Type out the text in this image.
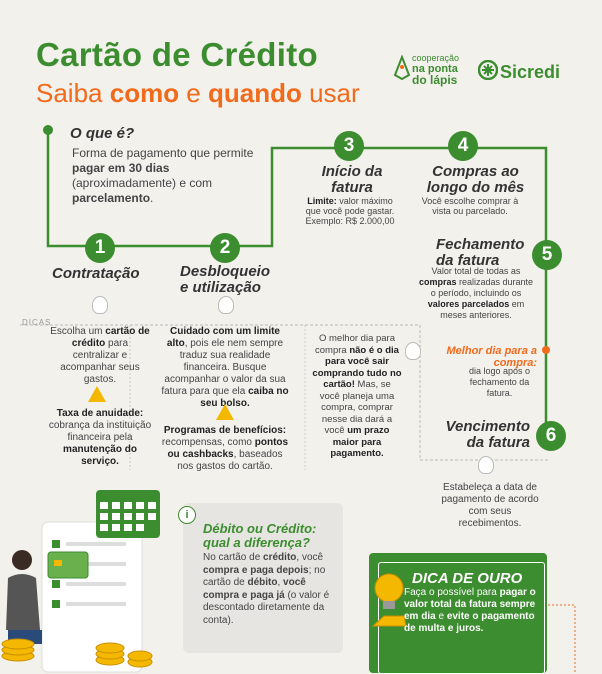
Cartão de Crédito
Saiba como e quando usar
cooperação
na ponta
do lápis	Sicredi
O que é?
Forma de pagamento que permite pagar em 30 dias (aproximadamente) e com parcelamento.
1
Contratação
2
Desbloqueio e utilização
3
Início da fatura
Limite: valor máximo que você pode gastar. Exemplo: R$ 2.000,00
4
Compras ao longo do mês
Você escolhe comprar à vista ou parcelado.
Fechamento da fatura	5
Valor total de todas as compras realizadas durante o período, incluindo os valores parcelados em meses anteriores.
Melhor dia para a compra:
dia logo após o fechamento da fatura.
Vencimento da fatura 6
Estabeleça a data de pagamento de acordo com seus recebimentos.
DICAS
Escolha um cartão de crédito para centralizar e acompanhar seus gastos.
Taxa de anuidade: cobrança da instituição financeira pela manutenção do serviço.
Cuidado com um limite alto, pois ele nem sempre traduz sua realidade financeira. Busque acompanhar o valor da sua fatura para que ela caiba no seu bolso.
Programas de benefícios: recompensas, como pontos ou cashbacks, baseados nos gastos do cartão.
O melhor dia para compra não é o dia para você sair comprando tudo no cartão! Mas, se você planeja uma compra, comprar nesse dia dará a você um prazo maior para pagamento.
i
Débito ou Crédito: qual a diferença?
No cartão de crédito, você compra e paga depois; no cartão de débito, você compra e paga já (o valor é descontado diretamente da conta).
DICA DE OURO
Faça o possível para pagar o valor total da fatura sempre em dia e evite o pagamento de multa e juros.
